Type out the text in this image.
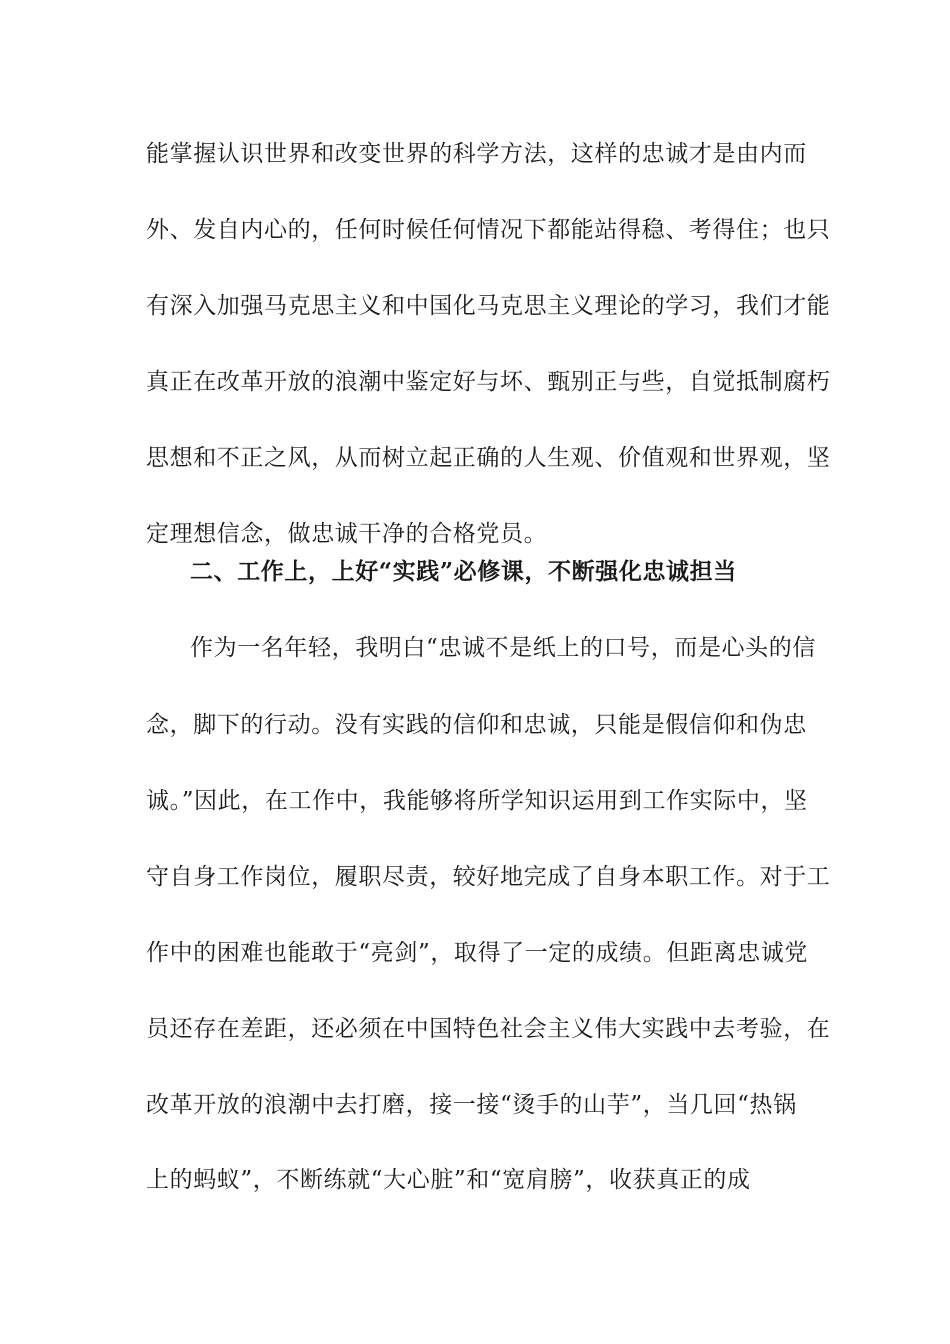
能掌握认识世界和改变世界的科学方法，这样的忠诚才是由内而
外、发自内心的，任何时候任何情况下都能站得稳、考得住；也只
有深入加强马克思主义和中国化马克思主义理论的学习，我们才能
真正在改革开放的浪潮中鉴定好与坏、甄别正与些，自觉抵制腐朽
思想和不正之风，从而树立起正确的人生观、价值观和世界观，坚
定理想信念，做忠诚干净的合格党员。
二、工作上，上好“实践”必修课，不断强化忠诚担当
作为一名年轻，我明白“忠诚不是纸上的口号，而是心头的信
念，脚下的行动。没有实践的信仰和忠诚，只能是假信仰和伪忠
诚。”因此，在工作中，我能够将所学知识运用到工作实际中，坚
守自身工作岗位，履职尽责，较好地完成了自身本职工作。对于工
作中的困难也能敢于“亮剑”，取得了一定的成绩。但距离忠诚党
员还存在差距，还必须在中国特色社会主义伟大实践中去考验，在
改革开放的浪潮中去打磨，接一接“烫手的山芋”，当几回“热锅
上的蚂蚁”，不断练就“大心脏”和“宽肩膀”，收获真正的成
